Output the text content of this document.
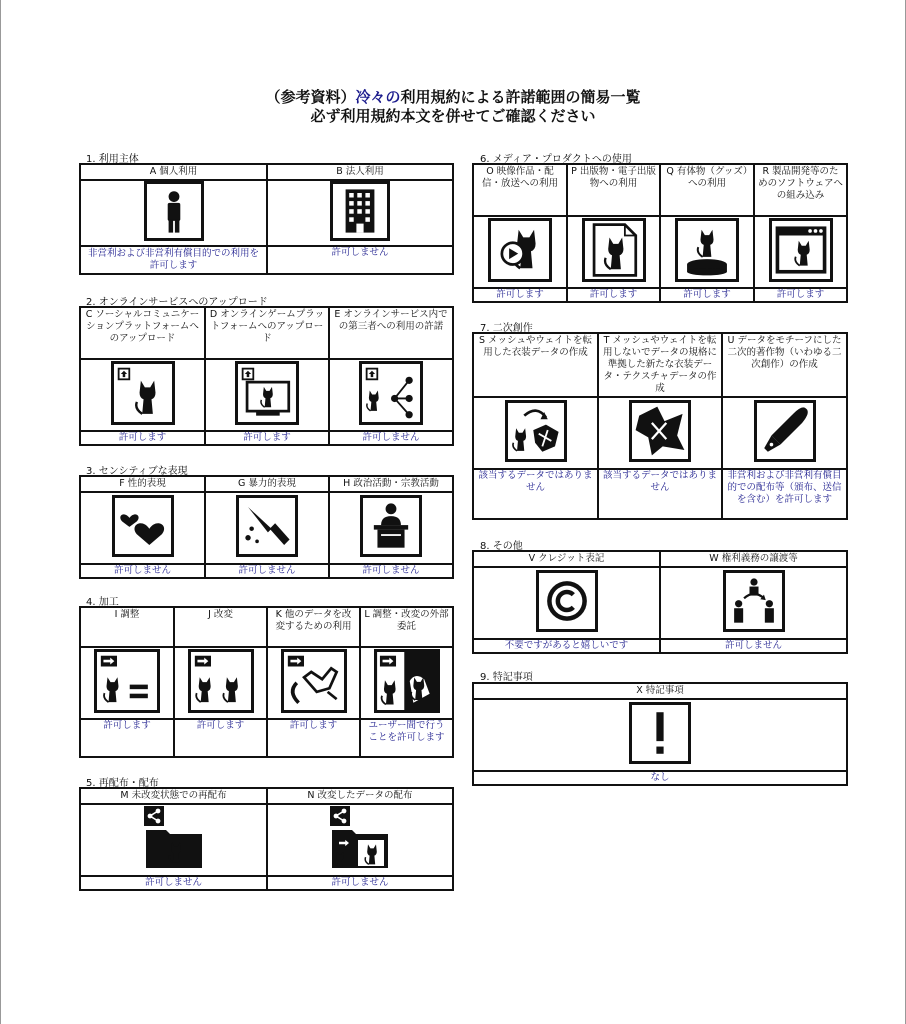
（参考資料）冷々の利用規約による許諾範囲の簡易一覧
必ず利用規約本文を併せてご確認ください
1. 利用主体
A 個人利用	B 法人利用

非営利および非営利有償目的での利用を許可します	許可しません
2. オンラインサービスへのアップロード
C ソーシャルコミュニケーションプラットフォームへのアップロード	D オンラインゲームプラットフォームへのアップロード	E オンラインサービス内での第三者への利用の許諾

許可します	許可します	許可しません
3. センシティブな表現
F 性的表現	G 暴力的表現	H 政治活動・宗教活動

許可しません	許可しません	許可しません
4. 加工
I 調整	J 改変	K 他のデータを改変するための利用	L 調整・改変の外部委託

許可します	許可します	許可します	ユーザー間で行うことを許可します
5. 再配布・配布
M 未改変状態での再配布	N 改変したデータの配布

許可しません	許可しません
6. メディア・プロダクトへの使用
O 映像作品・配信・放送への利用	P 出版物・電子出版物への利用	Q 有体物（グッズ）への利用	R 製品開発等のためのソフトウェアへの組み込み

許可します	許可します	許可します	許可します
7. 二次創作
S メッシュやウェイトを転用した衣装データの作成	T メッシュやウェイトを転用しないでデータの規格に準拠した新たな衣装データ・テクスチャデータの作成	U データをモチーフにした二次的著作物（いわゆる二次創作）の作成

該当するデータではありません	該当するデータではありません	非営利および非営利有償目的での配布等（頒布、送信を含む）を許可します
8. その他
V クレジット表記	W 権利義務の譲渡等

不要ですがあると嬉しいです	許可しません
9. 特記事項
X 特記事項

なし
